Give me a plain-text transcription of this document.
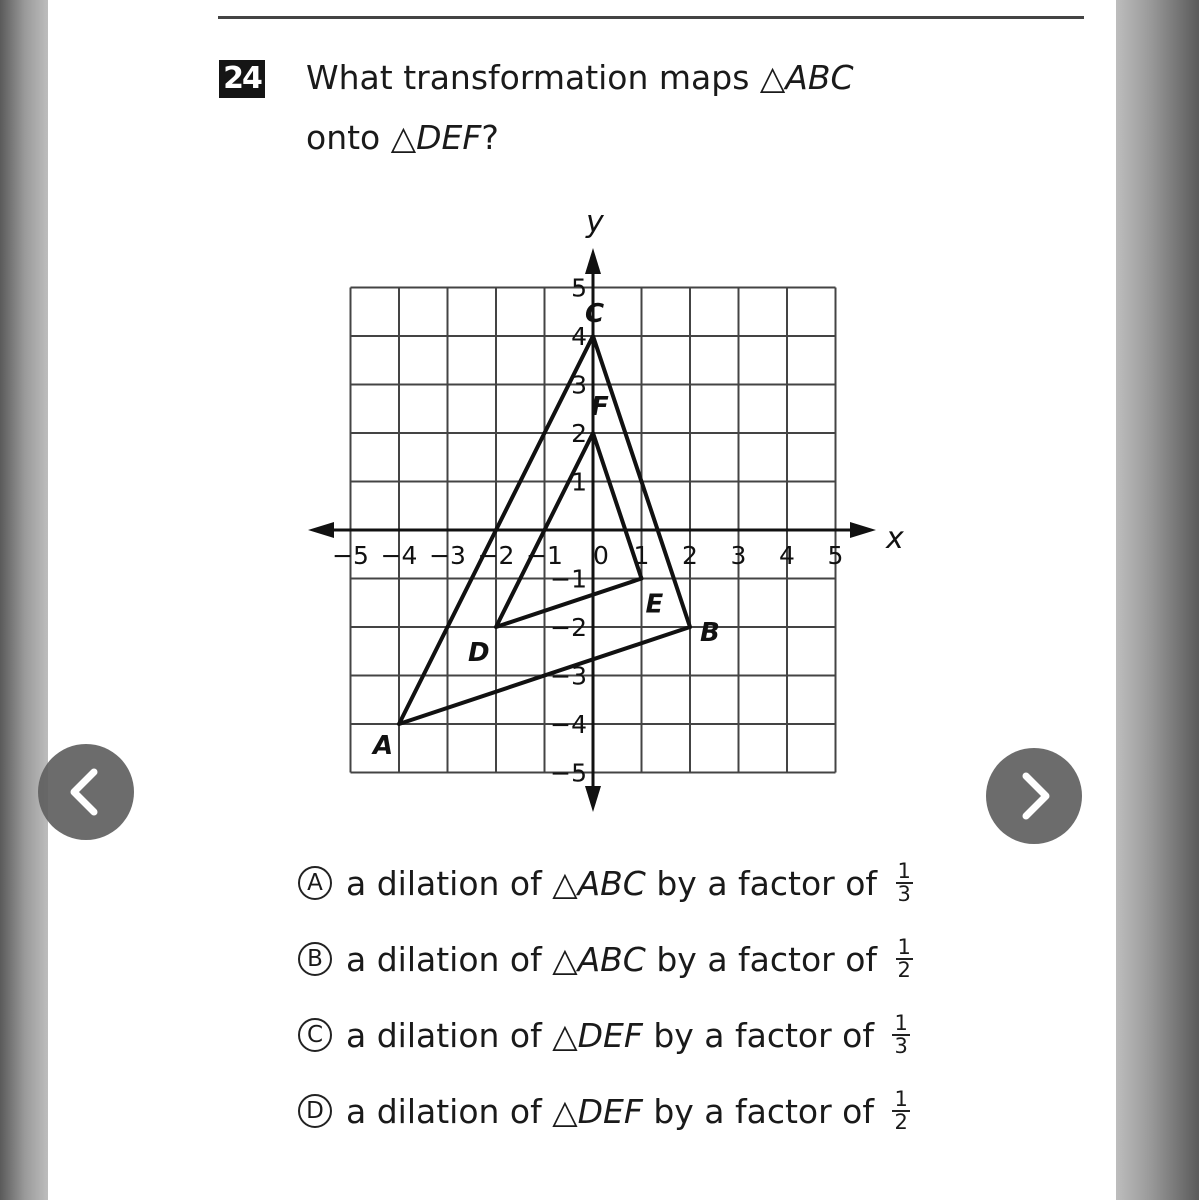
24 What transformation maps △ABC
onto △DEF?
x
y
−5 −4 −3 −2 −1 0 1 2 3 4 5
5
4
3
2
1
−1
−2
−3
−4
−5
A
B
C
D
E
F
A a dilation of △ABC by a factor of $\frac{1}{3}$
B a dilation of △ABC by a factor of $\frac{1}{2}$
C a dilation of △DEF by a factor of $\frac{1}{3}$
D a dilation of △DEF by a factor of $\frac{1}{2}$
